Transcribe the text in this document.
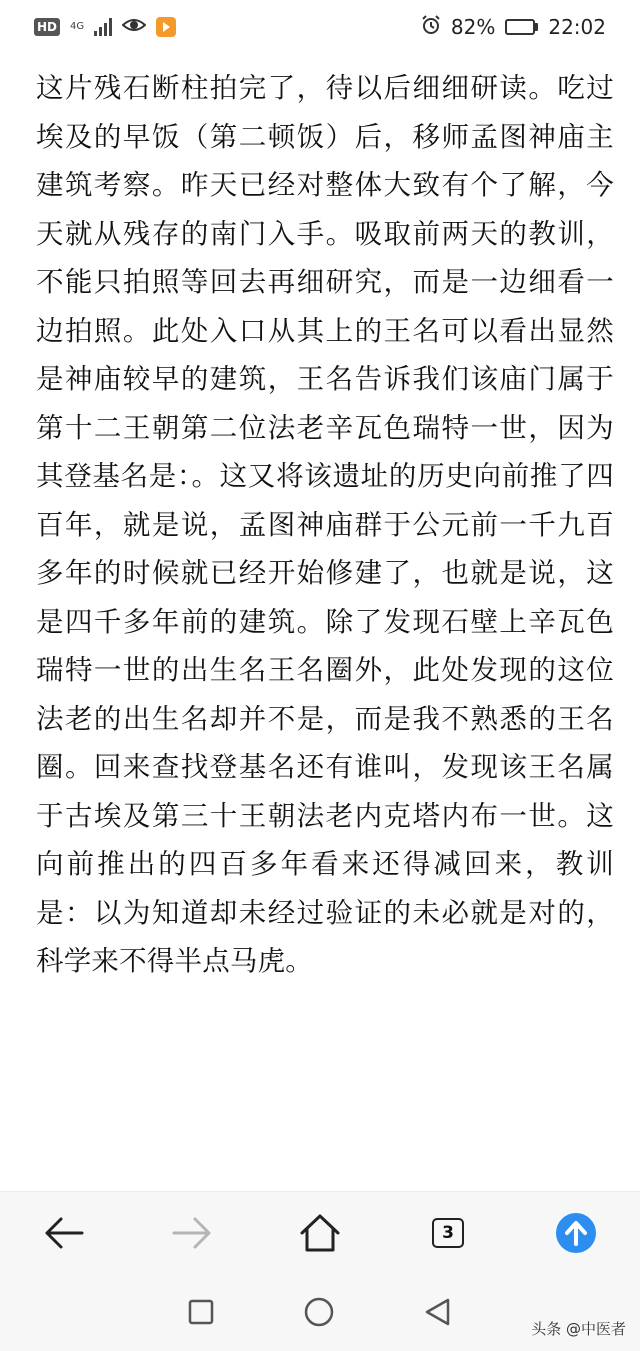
HD	4G	82%	22:02

这片残石断柱拍完了，待以后细细研读。吃过埃及的早饭（第二顿饭）后，移师孟图神庙主建筑考察。昨天已经对整体大致有个了解，今天就从残存的南门入手。吸取前两天的教训，不能只拍照等回去再细研究，而是一边细看一边拍照。此处入口从其上的王名可以看出显然是神庙较早的建筑，王名告诉我们该庙门属于第十二王朝第二位法老辛瓦色瑞特一世，因为其登基名是：。这又将该遗址的历史向前推了四百年，就是说，孟图神庙群于公元前一千九百多年的时候就已经开始修建了，也就是说，这是四千多年前的建筑。除了发现石壁上辛瓦色瑞特一世的出生名王名圈外，此处发现的这位法老的出生名却并不是，而是我不熟悉的王名圈。回来查找登基名还有谁叫，发现该王名属于古埃及第三十王朝法老内克塔内布一世。这向前推出的四百多年看来还得减回来，教训是：以为知道却未经过验证的未必就是对的，科学来不得半点马虎。

3
头条 @中医者
